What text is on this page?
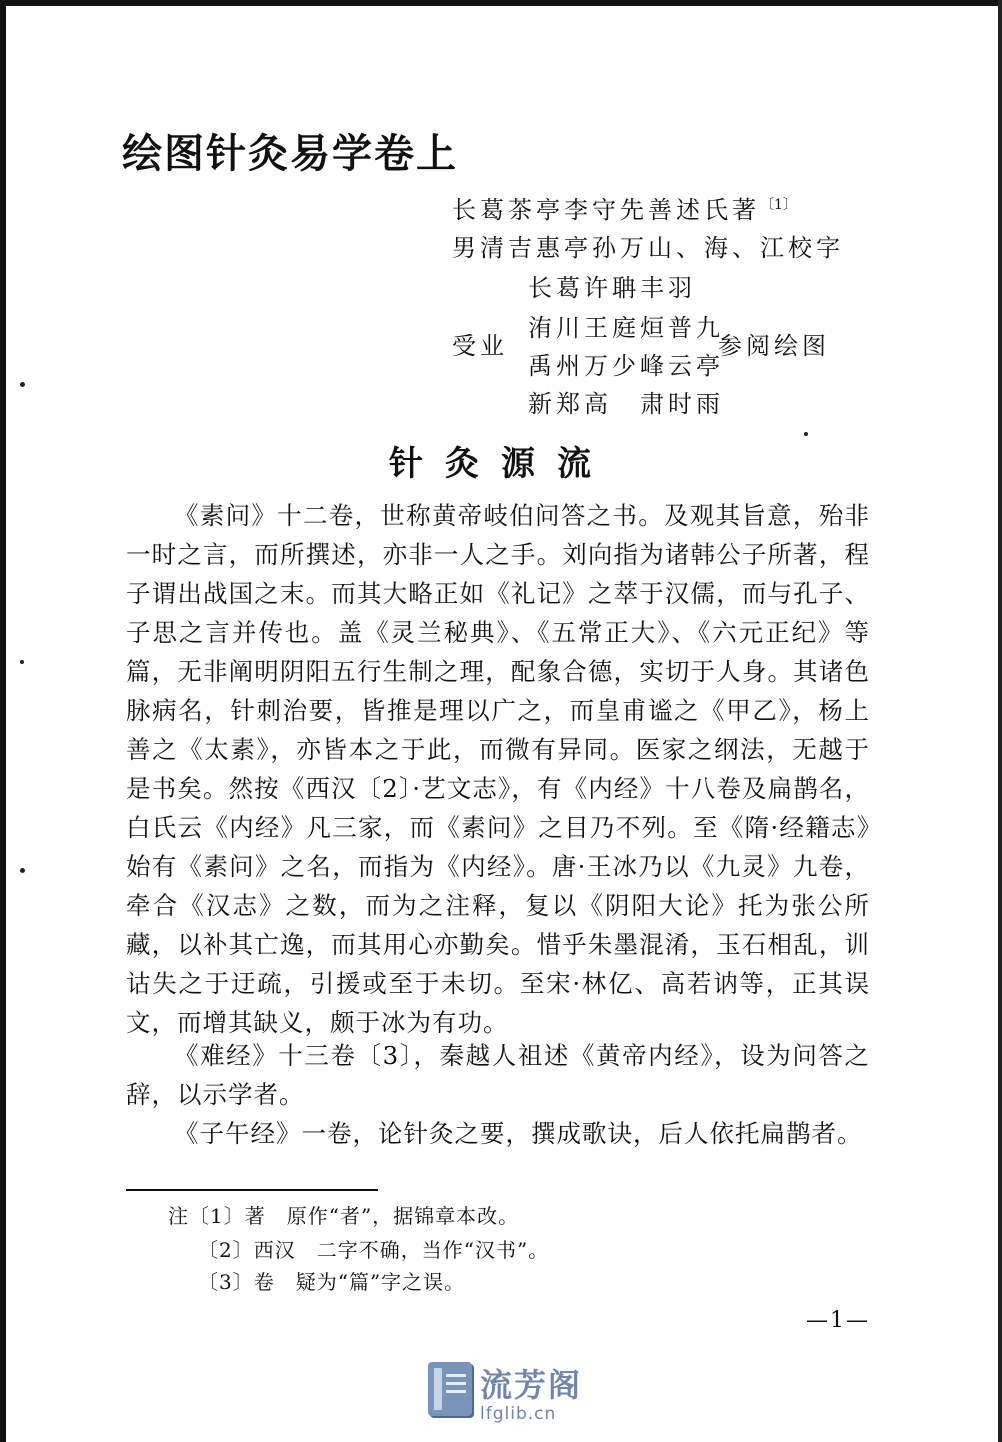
绘图针灸易学卷上
长葛茶亭李守先善述氏著$^{〔1〕}$
男清吉惠亭孙万山、海、江校字
受业
长葛许聃丰羽
洧川王庭烜普九
禹州万少峰云亭
新郑高　肃时雨
参阅绘图
针灸源流
《素问》十二卷，世称黄帝岐伯问答之书。及观其旨意，殆非一时之言，而所撰述，亦非一人之手。刘向指为诸韩公子所著，程子谓出战国之末。而其大略正如《礼记》之萃于汉儒，而与孔子、子思之言并传也。盖《灵兰秘典》、《五常正大》、《六元正纪》等篇，无非阐明阴阳五行生制之理，配象合德，实切于人身。其诸色脉病名，针刺治要，皆推是理以广之，而皇甫谧之《甲乙》，杨上善之《太素》，亦皆本之于此，而微有异同。医家之纲法，无越于是书矣。然按《西汉〔2〕·艺文志》，有《内经》十八卷及扁鹊名，白氏云《内经》凡三家，而《素问》之目乃不列。至《隋·经籍志》始有《素问》之名，而指为《内经》。唐·王冰乃以《九灵》九卷，牵合《汉志》之数，而为之注释，复以《阴阳大论》托为张公所藏，以补其亡逸，而其用心亦勤矣。惜乎朱墨混淆，玉石相乱，训诂失之于迂疏，引援或至于未切。至宋·林亿、高若讷等，正其误文，而增其缺义，颇于冰为有功。
《难经》十三卷〔3〕，秦越人祖述《黄帝内经》，设为问答之辞，以示学者。
《子午经》一卷，论针灸之要，撰成歌诀，后人依托扁鹊者。
注〔1〕著　原作“者”，据锦章本改。
〔2〕西汉　二字不确，当作“汉书”。
〔3〕卷　疑为“篇”字之误。
—1—
流芳阁
lfglib.cn
